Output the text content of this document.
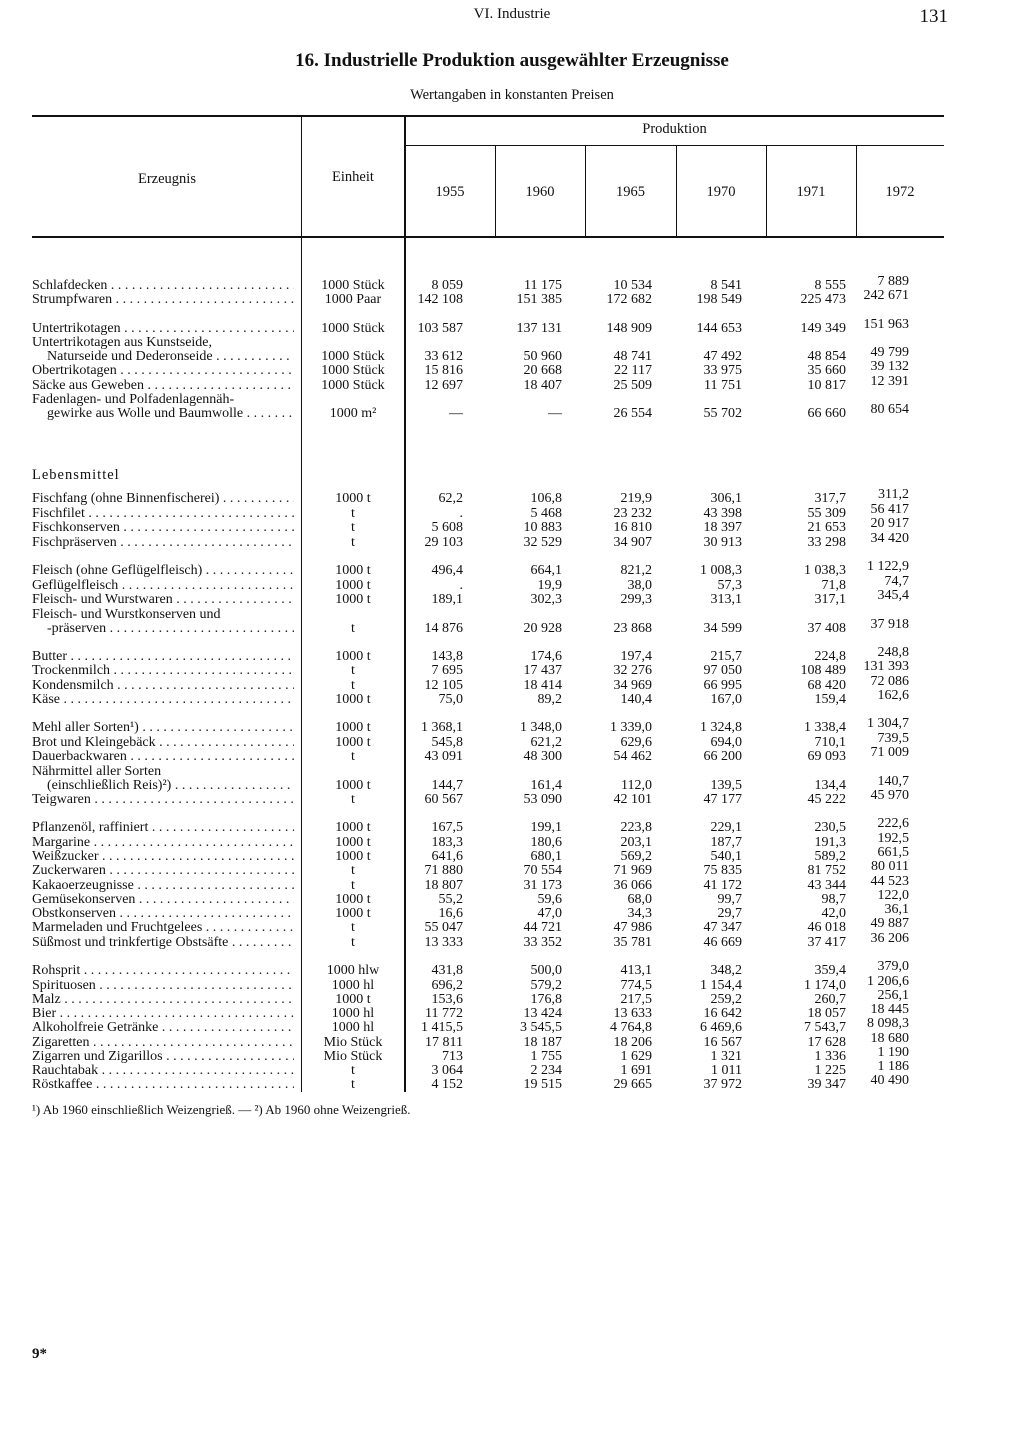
VI. Industrie	131
16. Industrielle Produktion ausgewählter Erzeugnisse
Wertangaben in konstanten Preisen
Erzeugnis	Einheit
Produktion
1955	1960	1965	1970	1971	1972
Lebensmittel
Schlafdecken . . .	1000 Stück	8 059	11 175	10 534	8 541	8 555	7 889
Strumpfwaren . . .	1000 Paar	142 108	151 385	172 682	198 549	225 473	242 671
Untertrikotagen . . .	1000 Stück	103 587	137 131	148 909	144 653	149 349	151 963
Untertrikotagen aus Kunstseide,
Naturseide und Dederonseide . . .	1000 Stück	33 612	50 960	48 741	47 492	48 854	49 799
Obertrikotagen . . .	1000 Stück	15 816	20 668	22 117	33 975	35 660	39 132
Säcke aus Geweben . . .	1000 Stück	12 697	18 407	25 509	11 751	10 817	12 391
Fadenlagen- und Polfadenlagennäh-
gewirke aus Wolle und Baumwolle . . .	1000 m²	—	—	26 554	55 702	66 660	80 654
Fischfang (ohne Binnenfischerei) . . .	1000 t	62,2	106,8	219,9	306,1	317,7	311,2
Fischfilet . . .	t	.	5 468	23 232	43 398	55 309	56 417
Fischkonserven . . .	t	5 608	10 883	16 810	18 397	21 653	20 917
Fischpräserven . . .	t	29 103	32 529	34 907	30 913	33 298	34 420
Fleisch (ohne Geflügelfleisch) . . .	1000 t	496,4	664,1	821,2	1 008,3	1 038,3	1 122,9
Geflügelfleisch . . .	1000 t	.	19,9	38,0	57,3	71,8	74,7
Fleisch- und Wurstwaren . . .	1000 t	189,1	302,3	299,3	313,1	317,1	345,4
Fleisch- und Wurstkonserven und
-präserven . . .	t	14 876	20 928	23 868	34 599	37 408	37 918
Butter . . .	1000 t	143,8	174,6	197,4	215,7	224,8	248,8
Trockenmilch . . .	t	7 695	17 437	32 276	97 050	108 489	131 393
Kondensmilch . . .	t	12 105	18 414	34 969	66 995	68 420	72 086
Käse . . .	1000 t	75,0	89,2	140,4	167,0	159,4	162,6
Mehl aller Sorten¹) . . .	1000 t	1 368,1	1 348,0	1 339,0	1 324,8	1 338,4	1 304,7
Brot und Kleingebäck . . .	1000 t	545,8	621,2	629,6	694,0	710,1	739,5
Dauerbackwaren . . .	t	43 091	48 300	54 462	66 200	69 093	71 009
Nährmittel aller Sorten
(einschließlich Reis)²) . . .	1000 t	144,7	161,4	112,0	139,5	134,4	140,7
Teigwaren . . .	t	60 567	53 090	42 101	47 177	45 222	45 970
Pflanzenöl, raffiniert . . .	1000 t	167,5	199,1	223,8	229,1	230,5	222,6
Margarine . . .	1000 t	183,3	180,6	203,1	187,7	191,3	192,5
Weißzucker . . .	1000 t	641,6	680,1	569,2	540,1	589,2	661,5
Zuckerwaren . . .	t	71 880	70 554	71 969	75 835	81 752	80 011
Kakaoerzeugnisse . . .	t	18 807	31 173	36 066	41 172	43 344	44 523
Gemüsekonserven . . .	1000 t	55,2	59,6	68,0	99,7	98,7	122,0
Obstkonserven . . .	1000 t	16,6	47,0	34,3	29,7	42,0	36,1
Marmeladen und Fruchtgelees . . .	t	55 047	44 721	47 986	47 347	46 018	49 887
Süßmost und trinkfertige Obstsäfte . . .	t	13 333	33 352	35 781	46 669	37 417	36 206
Rohsprit . . .	1000 hlw	431,8	500,0	413,1	348,2	359,4	379,0
Spirituosen . . .	1000 hl	696,2	579,2	774,5	1 154,4	1 174,0	1 206,6
Malz . . .	1000 t	153,6	176,8	217,5	259,2	260,7	256,1
Bier . . .	1000 hl	11 772	13 424	13 633	16 642	18 057	18 445
Alkoholfreie Getränke . . .	1000 hl	1 415,5	3 545,5	4 764,8	6 469,6	7 543,7	8 098,3
Zigaretten . . .	Mio Stück	17 811	18 187	18 206	16 567	17 628	18 680
Zigarren und Zigarillos . . .	Mio Stück	713	1 755	1 629	1 321	1 336	1 190
Rauchtabak . . .	t	3 064	2 234	1 691	1 011	1 225	1 186
Röstkaffee . . .	t	4 152	19 515	29 665	37 972	39 347	40 490
¹) Ab 1960 einschließlich Weizengrieß. — ²) Ab 1960 ohne Weizengrieß.
9*
